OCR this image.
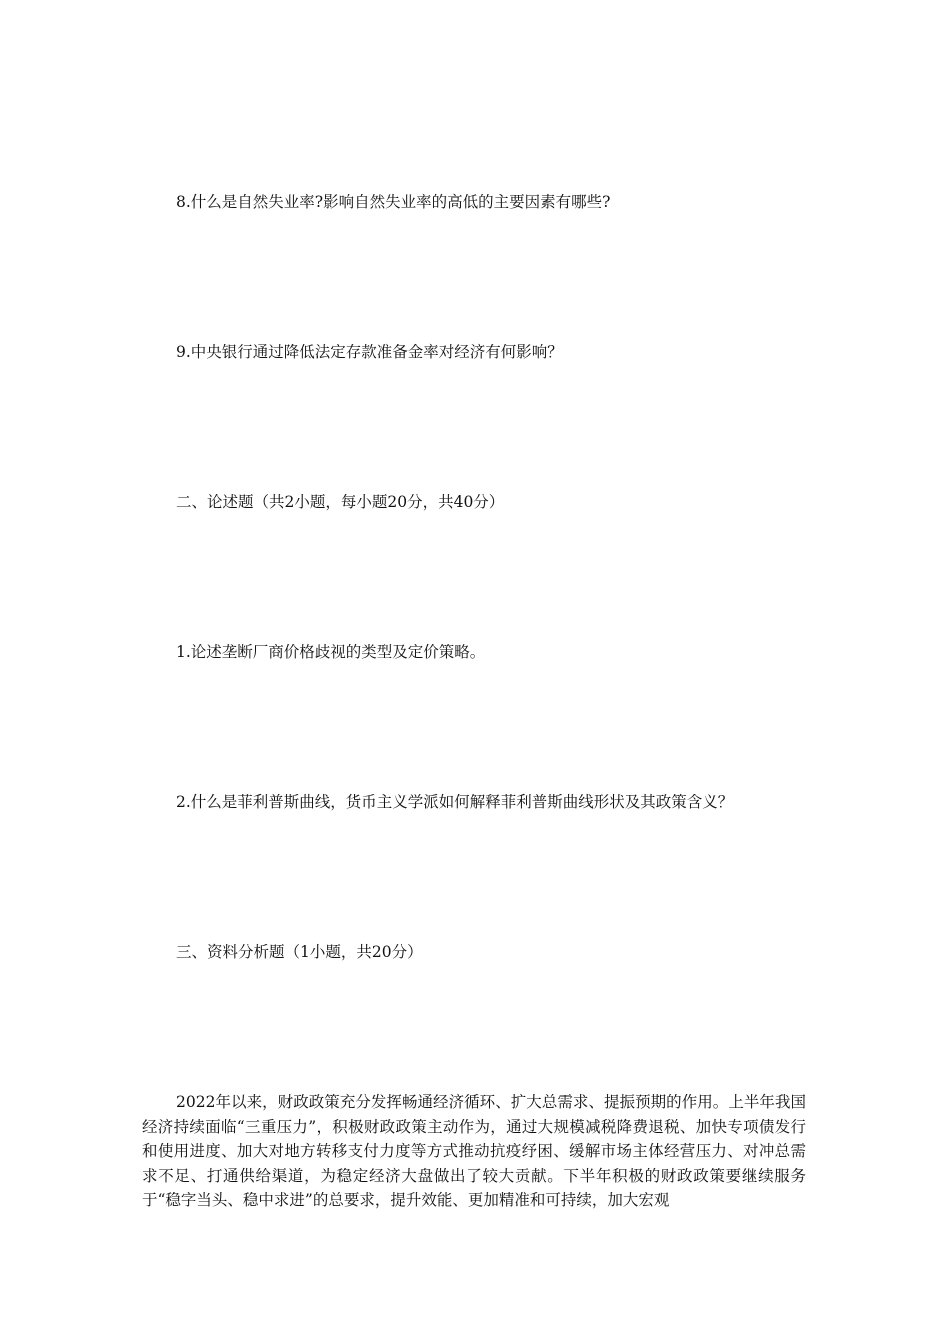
8.什么是自然失业率?影响自然失业率的高低的主要因素有哪些?
9.中央银行通过降低法定存款准备金率对经济有何影响？
二、论述题（共2小题，每小题20分，共40分）
1.论述垄断厂商价格歧视的类型及定价策略。
2.什么是菲利普斯曲线，货币主义学派如何解释菲利普斯曲线形状及其政策含义？
三、资料分析题（1小题，共20分）

2022年以来，财政政策充分发挥畅通经济循环、扩大总需求、提振预期的作用。上半年我国经济持续面临“三重压力”，积极财政政策主动作为，通过大规模减税降费退税、加快专项债发行和使用进度、加大对地方转移支付力度等方式推动抗疫纾困、缓解市场主体经营压力、对冲总需求不足、打通供给渠道，为稳定经济大盘做出了较大贡献。下半年积极的财政政策要继续服务于“稳字当头、稳中求进”的总要求，提升效能、更加精准和可持续，加大宏观
